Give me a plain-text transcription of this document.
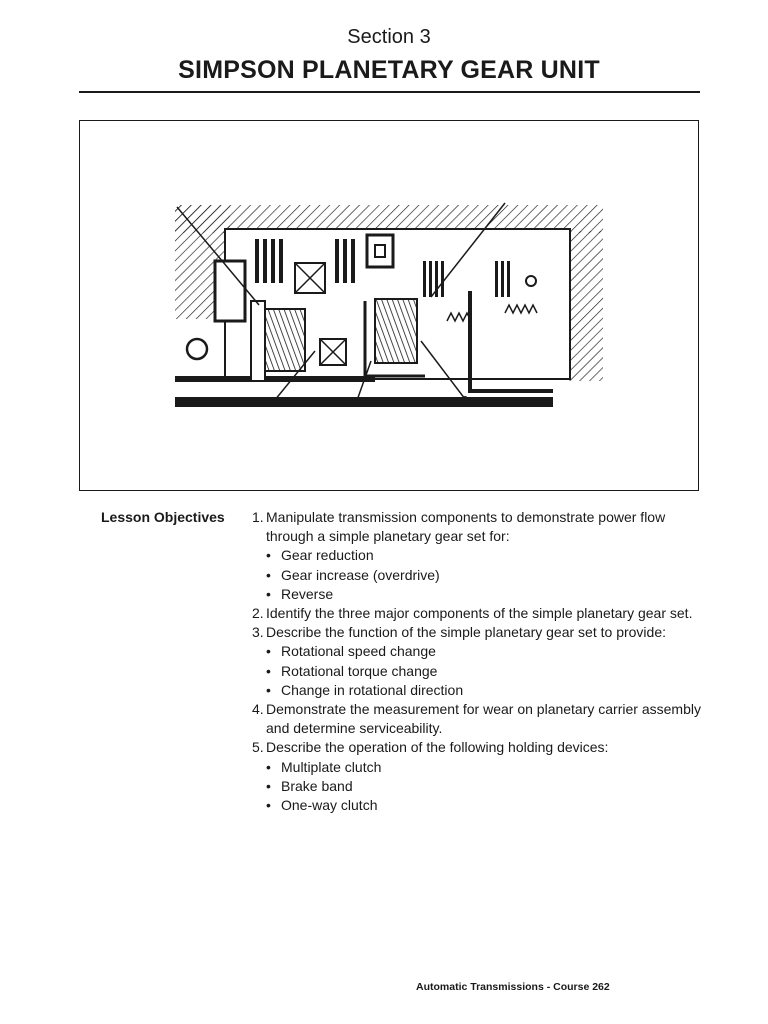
Section 3
SIMPSON PLANETARY GEAR UNIT
Lesson Objectives 1. Manipulate transmission components to demonstrate power flow through a simple planetary gear set for:
• Gear reduction
• Gear increase (overdrive)
• Reverse
2. Identify the three major components of the simple planetary gear set.
3. Describe the function of the simple planetary gear set to provide:
• Rotational speed change
• Rotational torque change
• Change in rotational direction
4. Demonstrate the measurement for wear on planetary carrier assembly and determine serviceability.
5. Describe the operation of the following holding devices:
• Multiplate clutch
• Brake band
• One-way clutch
Automatic Transmissions - Course 262
